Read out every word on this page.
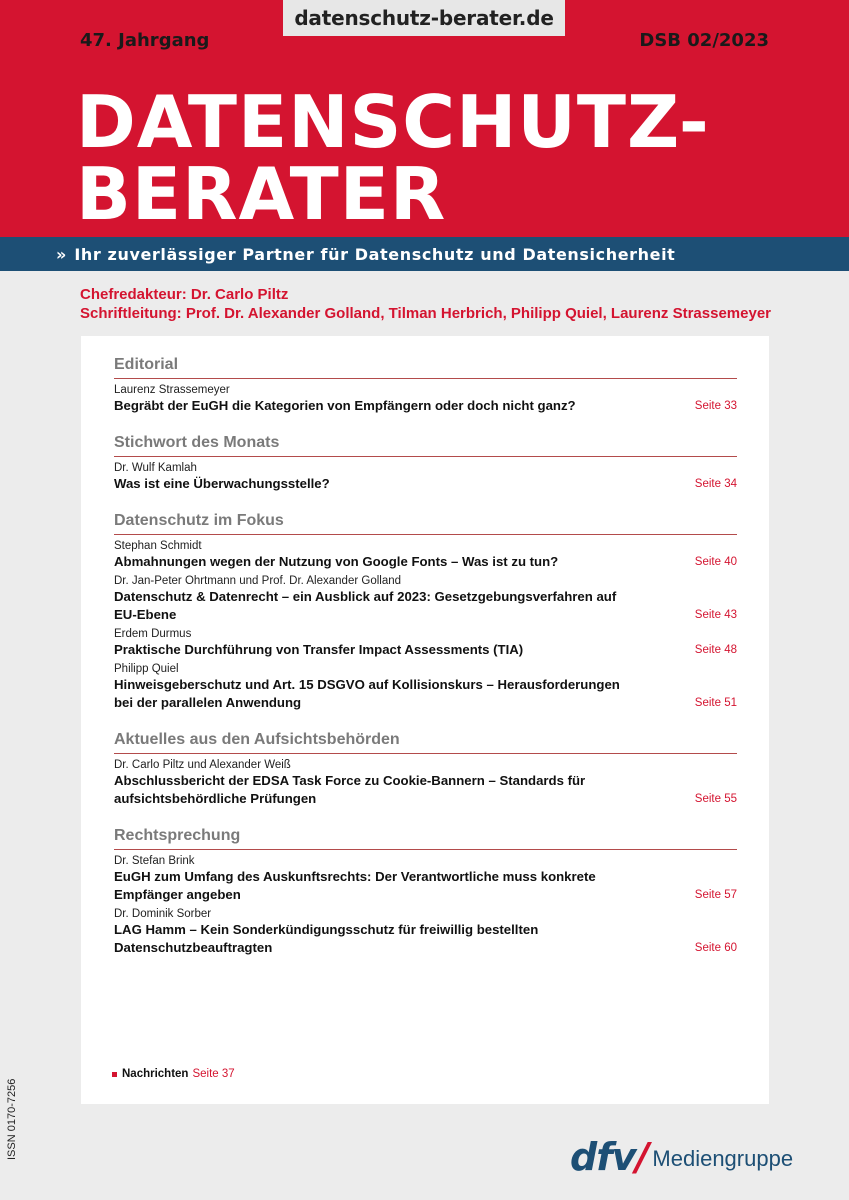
datenschutz-berater.de
47. Jahrgang	DSB 02/2023
DATENSCHUTZ-
BERATER
» Ihr zuverlässiger Partner für Datenschutz und Datensicherheit
Chefredakteur: Dr. Carlo Piltz
Schriftleitung: Prof. Dr. Alexander Golland, Tilman Herbrich, Philipp Quiel, Laurenz Strassemeyer
Editorial
Laurenz Strassemeyer
Begräbt der EuGH die Kategorien von Empfängern oder doch nicht ganz?	Seite 33
Stichwort des Monats
Dr. Wulf Kamlah
Was ist eine Überwachungsstelle?	Seite 34
Datenschutz im Fokus
Stephan Schmidt
Abmahnungen wegen der Nutzung von Google Fonts – Was ist zu tun?	Seite 40
Dr. Jan-Peter Ohrtmann und Prof. Dr. Alexander Golland
Datenschutz & Datenrecht – ein Ausblick auf 2023: Gesetzgebungsverfahren auf EU-Ebene	Seite 43
Erdem Durmus
Praktische Durchführung von Transfer Impact Assessments (TIA)	Seite 48
Philipp Quiel
Hinweisgeberschutz und Art. 15 DSGVO auf Kollisionskurs – Herausforderungen bei der parallelen Anwendung	Seite 51
Aktuelles aus den Aufsichtsbehörden
Dr. Carlo Piltz und Alexander Weiß
Abschlussbericht der EDSA Task Force zu Cookie-Bannern – Standards für aufsichtsbehördliche Prüfungen	Seite 55
Rechtsprechung
Dr. Stefan Brink
EuGH zum Umfang des Auskunftsrechts: Der Verantwortliche muss konkrete Empfänger angeben	Seite 57
Dr. Dominik Sorber
LAG Hamm – Kein Sonderkündigungsschutz für freiwillig bestellten Datenschutzbeauftragten	Seite 60
Nachrichten Seite 37
ISSN 0170-7256	dfv/ Mediengruppe
